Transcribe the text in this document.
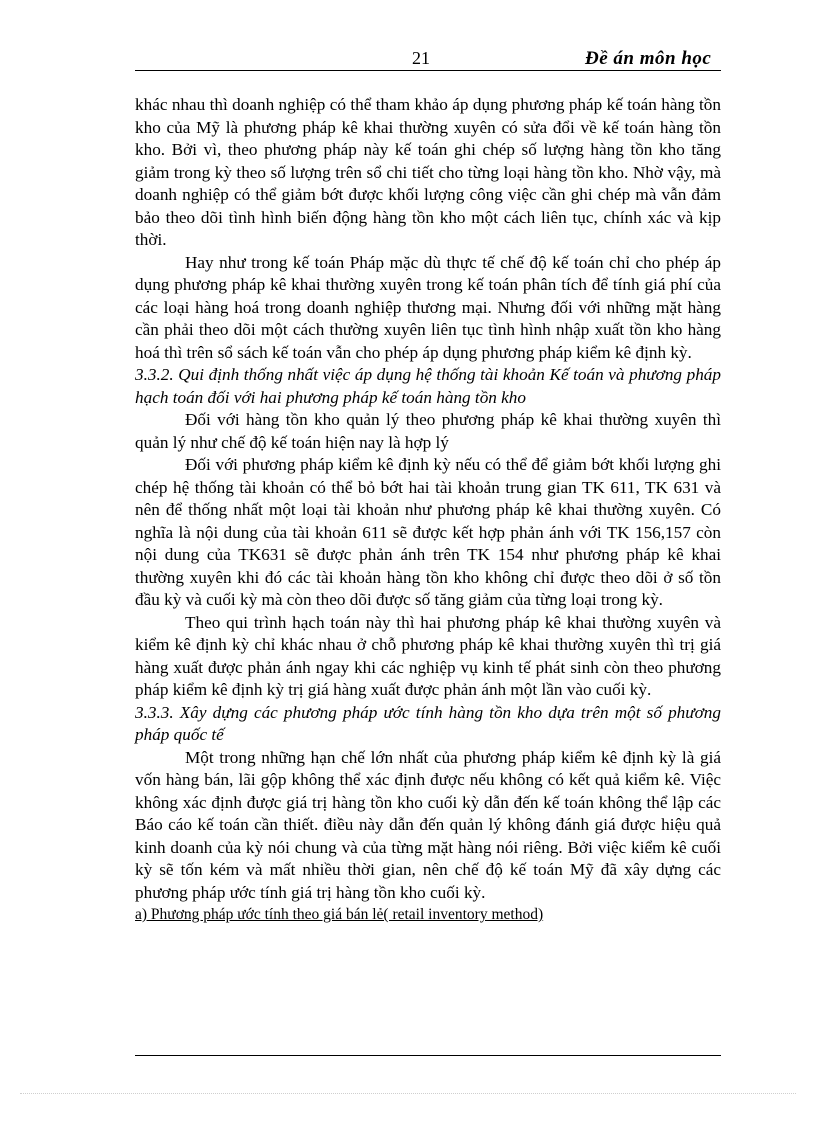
21	Đề án môn học

khác nhau thì doanh nghiệp có thể tham khảo áp dụng phương pháp kế toán hàng tồn kho của Mỹ là phương pháp kê khai thường xuyên có sửa đổi về kế toán hàng tồn kho. Bởi vì, theo phương pháp này kế toán ghi chép số lượng hàng tồn kho tăng giảm trong kỳ theo số lượng trên sổ chi tiết cho từng loại hàng tồn kho. Nhờ vậy, mà doanh nghiệp có thể giảm bớt được khối lượng công việc cần ghi chép mà vẫn đảm bảo theo dõi tình hình biến động hàng tồn kho một cách liên tục, chính xác và kịp thời.

Hay như trong kế toán Pháp mặc dù thực tế chế độ kế toán chỉ cho phép áp dụng phương pháp kê khai thường xuyên trong kế toán phân tích để tính giá phí của các loại hàng hoá trong doanh nghiệp thương mại. Nhưng đối với những mặt hàng cần phải theo dõi một cách thường xuyên liên tục tình hình nhập xuất tồn kho hàng hoá thì trên sổ sách kế toán vẫn cho phép áp dụng phương pháp kiểm kê định kỳ.

3.3.2. Qui định thống nhất việc áp dụng hệ thống tài khoản Kế toán và phương pháp hạch toán đối với hai phương pháp kế toán hàng tồn kho

Đối với hàng tồn kho quản lý theo phương pháp kê khai thường xuyên thì quản lý như chế độ kế toán hiện nay là hợp lý

Đối với phương pháp kiểm kê định kỳ nếu có thể để giảm bớt khối lượng ghi chép hệ thống tài khoản có thể bỏ bớt hai tài khoản trung gian TK 611, TK 631 và nên để thống nhất một loại tài khoản như phương pháp kê khai thường xuyên. Có nghĩa là nội dung của tài khoản 611 sẽ được kết hợp phản ánh với TK 156,157 còn nội dung của TK631 sẽ được phản ánh trên TK 154 như phương pháp kê khai thường xuyên khi đó các tài khoản hàng tồn kho không chỉ được theo dõi ở số tồn đầu kỳ và cuối kỳ mà còn theo dõi được số tăng giảm của từng loại trong kỳ.

Theo qui trình hạch toán này thì hai phương pháp kê khai thường xuyên và kiểm kê định kỳ chỉ khác nhau ở chỗ phương pháp kê khai thường xuyên thì trị giá hàng xuất được phản ánh ngay khi các nghiệp vụ kinh tế phát sinh còn theo phương pháp kiểm kê định kỳ trị giá hàng xuất được phản ánh một lần vào cuối kỳ.

3.3.3. Xây dựng các phương pháp ước tính hàng tồn kho dựa trên một số phương pháp quốc tế

Một trong những hạn chế lớn nhất của phương pháp kiểm kê định kỳ là giá vốn hàng bán, lãi gộp không thể xác định được nếu không có kết quả kiểm kê. Việc không xác định được giá trị hàng tồn kho cuối kỳ dẫn đến kế toán không thể lập các Báo cáo kế toán cần thiết. điều này dẫn đến quản lý không đánh giá được hiệu quả kinh doanh của kỳ nói chung và của từng mặt hàng nói riêng. Bởi việc kiểm kê cuối kỳ sẽ tốn kém và mất nhiều thời gian, nên chế độ kế toán Mỹ đã xây dựng các phương pháp ước tính giá trị hàng tồn kho cuối kỳ.

a) Phương pháp ước tính theo giá bán lẻ( retail inventory method)
